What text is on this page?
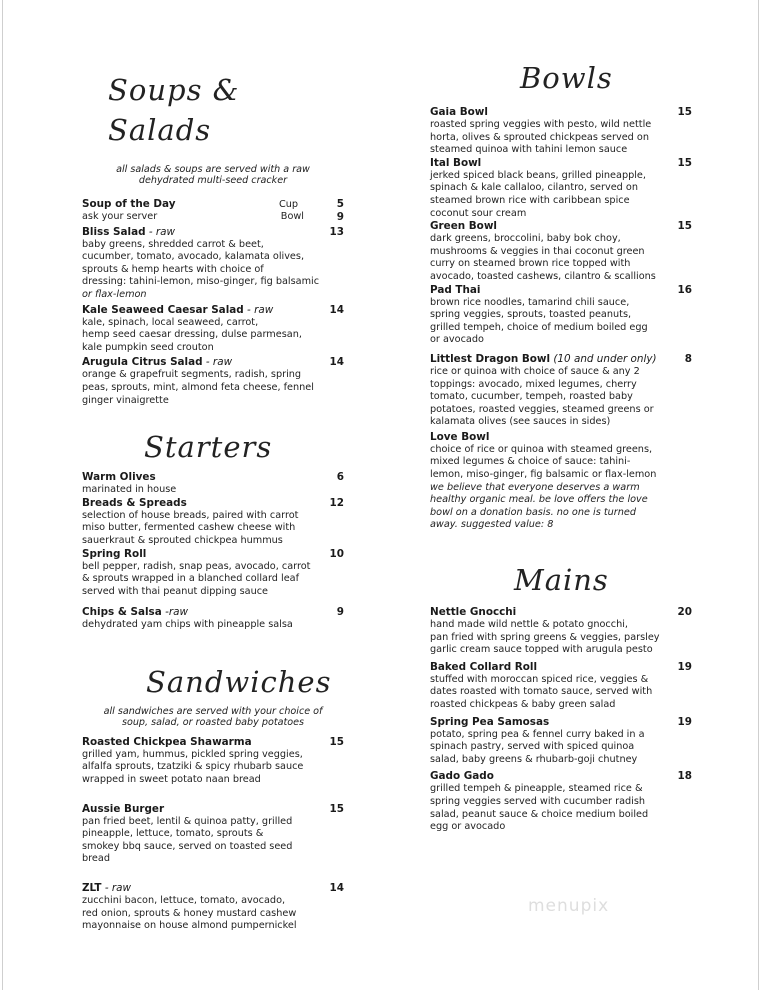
Soups & Salads
all salads & soups are served with a raw
dehydrated multi-seed cracker
Soup of the Day	Cup	5
ask your server	Bowl	9
Bliss Salad - raw	13
baby greens, shredded carrot & beet,
cucumber, tomato, avocado, kalamata olives,
sprouts & hemp hearts with choice of
dressing: tahini-lemon, miso-ginger, fig balsamic
or flax-lemon
Kale Seaweed Caesar Salad - raw	14
kale, spinach, local seaweed, carrot,
hemp seed caesar dressing, dulse parmesan,
kale pumpkin seed crouton
Arugula Citrus Salad - raw	14
orange & grapefruit segments, radish, spring
peas, sprouts, mint, almond feta cheese, fennel
ginger vinaigrette
Starters
Warm Olives	6
marinated in house
Breads & Spreads	12
selection of house breads, paired with carrot
miso butter, fermented cashew cheese with
sauerkraut & sprouted chickpea hummus
Spring Roll	10
bell pepper, radish, snap peas, avocado, carrot
& sprouts wrapped in a blanched collard leaf
served with thai peanut dipping sauce
Chips & Salsa -raw	9
dehydrated yam chips with pineapple salsa
Sandwiches
all sandwiches are served with your choice of
soup, salad, or roasted baby potatoes
Roasted Chickpea Shawarma	15
grilled yam, hummus, pickled spring veggies,
alfalfa sprouts, tzatziki & spicy rhubarb sauce
wrapped in sweet potato naan bread
Aussie Burger	15
pan fried beet, lentil & quinoa patty, grilled
pineapple, lettuce, tomato, sprouts &
smokey bbq sauce, served on toasted seed
bread
ZLT - raw	14
zucchini bacon, lettuce, tomato, avocado,
red onion, sprouts & honey mustard cashew
mayonnaise on house almond pumpernickel
Bowls
Gaia Bowl	15
roasted spring veggies with pesto, wild nettle
horta, olives & sprouted chickpeas served on
steamed quinoa with tahini lemon sauce
Ital Bowl	15
jerked spiced black beans, grilled pineapple,
spinach & kale callaloo, cilantro, served on
steamed brown rice with caribbean spice
coconut sour cream
Green Bowl	15
dark greens, broccolini, baby bok choy,
mushrooms & veggies in thai coconut green
curry on steamed brown rice topped with
avocado, toasted cashews, cilantro & scallions
Pad Thai	16
brown rice noodles, tamarind chili sauce,
spring veggies, sprouts, toasted peanuts,
grilled tempeh, choice of medium boiled egg
or avocado
Littlest Dragon Bowl (10 and under only)	8
rice or quinoa with choice of sauce & any 2
toppings: avocado, mixed legumes, cherry
tomato, cucumber, tempeh, roasted baby
potatoes, roasted veggies, steamed greens or
kalamata olives (see sauces in sides)
Love Bowl
choice of rice or quinoa with steamed greens,
mixed legumes & choice of sauce: tahini-
lemon, miso-ginger, fig balsamic or flax-lemon
we believe that everyone deserves a warm
healthy organic meal. be love offers the love
bowl on a donation basis. no one is turned
away. suggested value: 8
Mains
Nettle Gnocchi	20
hand made wild nettle & potato gnocchi,
pan fried with spring greens & veggies, parsley
garlic cream sauce topped with arugula pesto
Baked Collard Roll	19
stuffed with moroccan spiced rice, veggies &
dates roasted with tomato sauce, served with
roasted chickpeas & baby green salad
Spring Pea Samosas	19
potato, spring pea & fennel curry baked in a
spinach pastry, served with spiced quinoa
salad, baby greens & rhubarb-goji chutney
Gado Gado	18
grilled tempeh & pineapple, steamed rice &
spring veggies served with cucumber radish
salad, peanut sauce & choice medium boiled
egg or avocado
menupix
